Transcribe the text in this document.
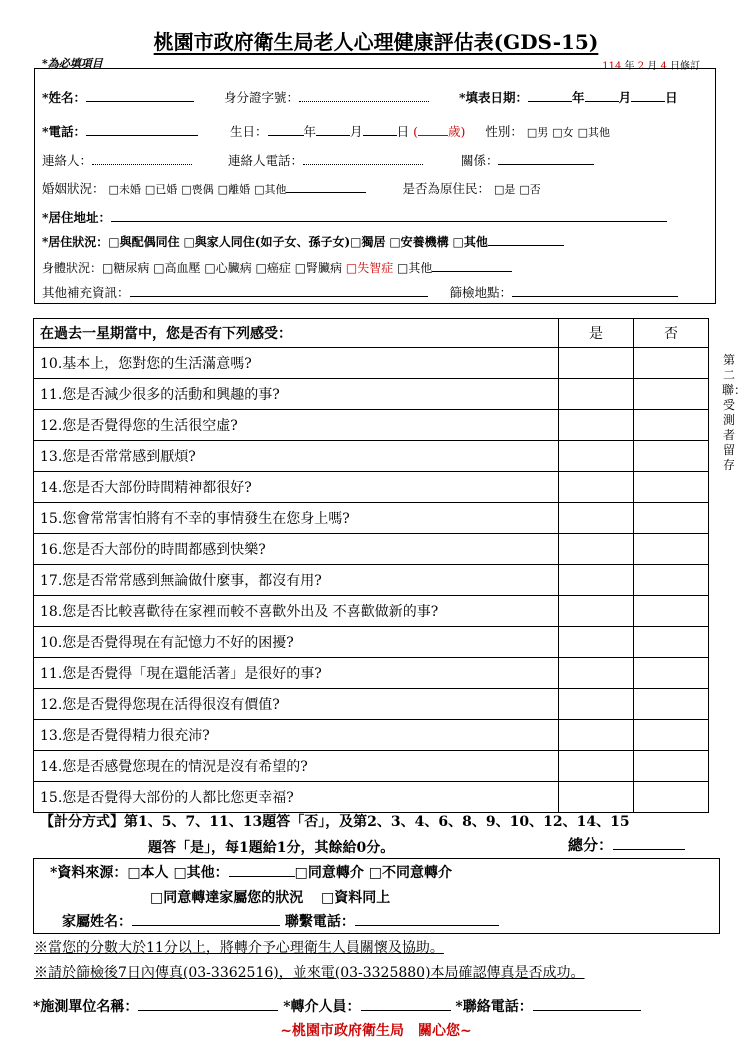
桃園市政府衛生局老人心理健康評估表(GDS-15)
*為必填項目	114 年 2 月 4 日修訂
*姓名：	身分證字號：	*填表日期：	年	月	日
*電話：	生日：	年	月	日 ( 歲) 性別： □男 □女 □其他
連絡人：	連絡人電話：	關係：
婚姻狀況： □未婚 □已婚 □喪偶 □離婚 □其他	是否為原住民： □是 □否
*居住地址：
*居住狀況：□與配偶同住 □與家人同住(如子女、孫子女)□獨居 □安養機構 □其他
身體狀況：□糖尿病 □高血壓 □心臟病 □癌症 □腎臟病 □失智症 □其他
其他補充資訊：	篩檢地點：
在過去一星期當中，您是否有下列感受：	是	否
10.基本上，您對您的生活滿意嗎?		
11.您是否減少很多的活動和興趣的事?		
12.您是否覺得您的生活很空虛?		
13.您是否常常感到厭煩?		
14.您是否大部份時間精神都很好?		
15.您會常常害怕將有不幸的事情發生在您身上嗎?		
16.您是否大部份的時間都感到快樂?		
17.您是否常常感到無論做什麼事，都沒有用?		
18.您是否比較喜歡待在家裡而較不喜歡外出及 不喜歡做新的事?		
10.您是否覺得現在有記憶力不好的困擾?		
11.您是否覺得「現在還能活著」是很好的事?		
12.您是否覺得您現在活得很沒有價值?		
13.您是否覺得精力很充沛?		
14.您是否感覺您現在的情況是沒有希望的?		
15.您是否覺得大部份的人都比您更幸福?		
第二聯：受測者留存
【計分方式】第1、5、7、11、13題答「否」，及第2、3、4、6、8、9、10、12、14、15
題答「是」，每1題給1分，其餘給0分。	總分：
*資料來源：□本人 □其他：	□同意轉介 □不同意轉介
□同意轉達家屬您的狀況 □資料同上
家屬姓名：	聯繫電話：
※當您的分數大於11分以上，將轉介予心理衛生人員關懷及協助。
※請於篩檢後7日內傳真(03-3362516)，並來電(03-3325880)本局確認傳真是否成功。
*施測單位名稱：	*轉介人員：	*聯絡電話：
~桃園市政府衛生局　關心您~
